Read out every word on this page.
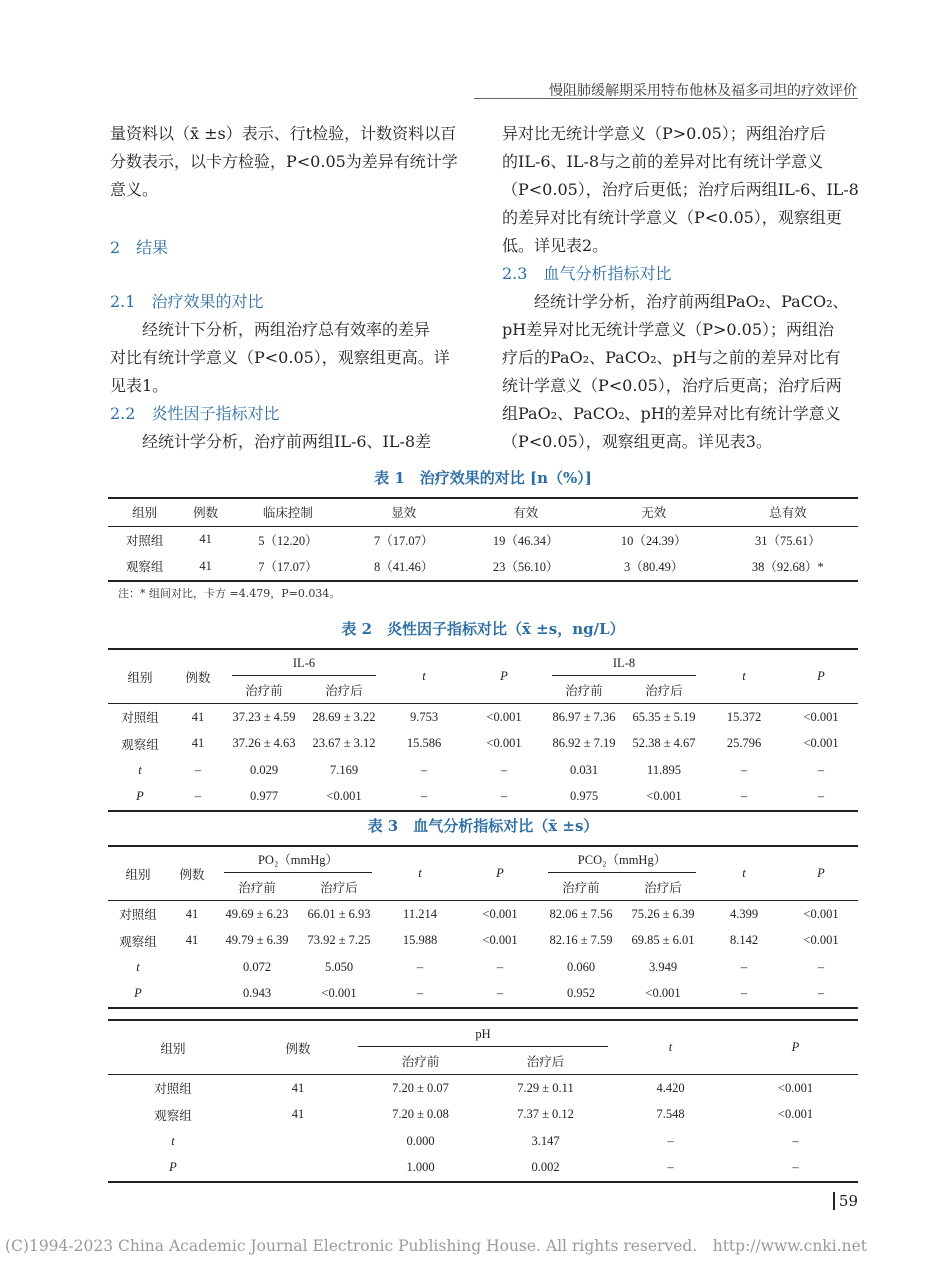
慢阻肺缓解期采用特布他林及福多司坦的疗效评价

量资料以（x̄ ±s）表示、行t检验，计数资料以百

分数表示，以卡方检验，P<0.05为差异有统计学

意义。

2　结果

2.1　治疗效果的对比

经统计下分析，两组治疗总有效率的差异

对比有统计学意义（P<0.05），观察组更高。详

见表1。

2.2　炎性因子指标对比

经统计学分析，治疗前两组IL-6、IL-8差

异对比无统计学意义（P>0.05）；两组治疗后

的IL-6、IL-8与之前的差异对比有统计学意义

（P<0.05），治疗后更低；治疗后两组IL-6、IL-8

的差异对比有统计学意义（P<0.05），观察组更

低。详见表2。

2.3　血气分析指标对比

经统计学分析，治疗前两组PaO₂、PaCO₂、

pH差异对比无统计学意义（P>0.05）；两组治

疗后的PaO₂、PaCO₂、pH与之前的差异对比有

统计学意义（P<0.05），治疗后更高；治疗后两

组PaO₂、PaCO₂、pH的差异对比有统计学意义

（P<0.05），观察组更高。详见表3。

表 1　治疗效果的对比 [n（%）]
组别	例数	临床控制	显效	有效	无效	总有效
对照组	41	5（12.20）	7（17.07）	19（46.34）	10（24.39）	31（75.61）
观察组	41	7（17.07）	8（41.46）	23（56.10）	3（80.49）	38（92.68）*
注：* 组间对比，卡方 =4.479，P=0.034。
表 2　炎性因子指标对比（x̄ ±s，ng/L）
组别	例数	IL-6		t	P	IL-8		t	P
		治疗前	治疗后			治疗前	治疗后		
对照组	41	37.23 ± 4.59	28.69 ± 3.22	9.753	<0.001	86.97 ± 7.36	65.35 ± 5.19	15.372	<0.001
观察组	41	37.26 ± 4.63	23.67 ± 3.12	15.586	<0.001	86.92 ± 7.19	52.38 ± 4.67	25.796	<0.001
t	–	0.029	7.169	–	–	0.031	11.895	–	–
P	–	0.977	<0.001	–	–	0.975	<0.001	–	–
表 3　血气分析指标对比（x̄ ±s）
组别	例数	PO₂（mmHg）		t	P	PCO₂（mmHg）		t	P
		治疗前	治疗后			治疗前	治疗后		
对照组	41	49.69 ± 6.23	66.01 ± 6.93	11.214	<0.001	82.06 ± 7.56	75.26 ± 6.39	4.399	<0.001
观察组	41	49.79 ± 6.39	73.92 ± 7.25	15.988	<0.001	82.16 ± 7.59	69.85 ± 6.01	8.142	<0.001
t		0.072	5.050	–	–	0.060	3.949	–	–
P		0.943	<0.001	–	–	0.952	<0.001	–	–
组别	例数	pH		t	P
		治疗前	治疗后		
对照组	41	7.20 ± 0.07	7.29 ± 0.11	4.420	<0.001
观察组	41	7.20 ± 0.08	7.37 ± 0.12	7.548	<0.001
t		0.000	3.147	–	–
P		1.000	0.002	–	–
59
(C)1994-2023 China Academic Journal Electronic Publishing House. All rights reserved.　http://www.cnki.net
